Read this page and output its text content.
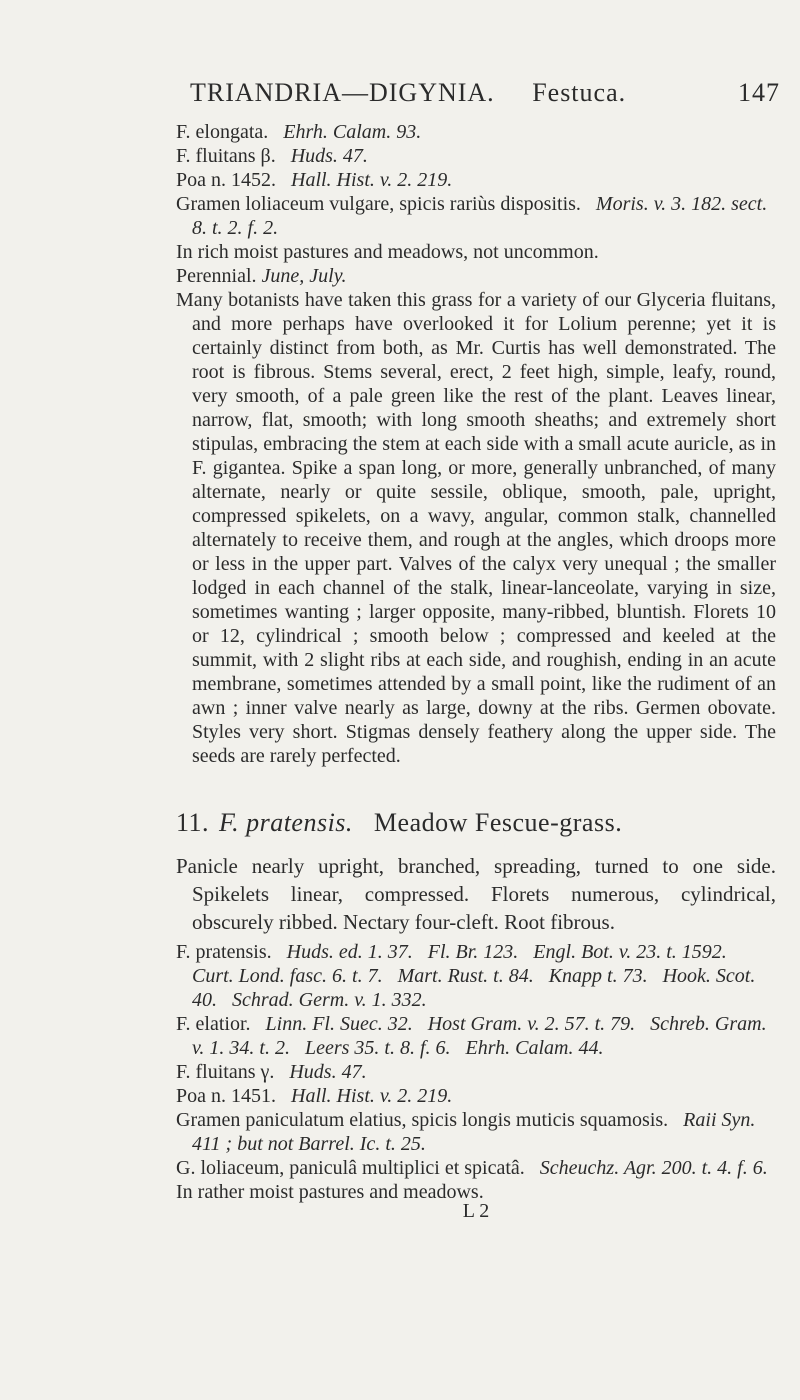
TRIANDRIA—DIGYNIA. Festuca.	147

F. elongata. Ehrh. Calam. 93.

F. fluitans β. Huds. 47.

Poa n. 1452. Hall. Hist. v. 2. 219.

Gramen loliaceum vulgare, spicis rariùs dispositis. Moris. v. 3. 182. sect. 8. t. 2. f. 2.

In rich moist pastures and meadows, not uncommon.

Perennial. June, July.

Many botanists have taken this grass for a variety of our Glyceria fluitans, and more perhaps have overlooked it for Lolium perenne; yet it is certainly distinct from both, as Mr. Curtis has well demonstrated. The root is fibrous. Stems several, erect, 2 feet high, simple, leafy, round, very smooth, of a pale green like the rest of the plant. Leaves linear, narrow, flat, smooth; with long smooth sheaths; and extremely short stipulas, embracing the stem at each side with a small acute auricle, as in F. gigantea. Spike a span long, or more, generally unbranched, of many alternate, nearly or quite sessile, oblique, smooth, pale, upright, compressed spikelets, on a wavy, angular, common stalk, channelled alternately to receive them, and rough at the angles, which droops more or less in the upper part. Valves of the calyx very unequal ; the smaller lodged in each channel of the stalk, linear-lanceolate, varying in size, sometimes wanting ; larger opposite, many-ribbed, bluntish. Florets 10 or 12, cylindrical ; smooth below ; compressed and keeled at the summit, with 2 slight ribs at each side, and roughish, ending in an acute membrane, sometimes attended by a small point, like the rudiment of an awn ; inner valve nearly as large, downy at the ribs. Germen obovate. Styles very short. Stigmas densely feathery along the upper side. The seeds are rarely perfected.

11. F. pratensis. Meadow Fescue-grass.

Panicle nearly upright, branched, spreading, turned to one side. Spikelets linear, compressed. Florets numerous, cylindrical, obscurely ribbed. Nectary four-cleft. Root fibrous.

F. pratensis. Huds. ed. 1. 37. Fl. Br. 123. Engl. Bot. v. 23. t. 1592.   Curt. Lond. fasc. 6. t. 7. Mart. Rust. t. 84. Knapp t. 73. Hook. Scot. 40. Schrad. Germ. v. 1. 332.

F. elatior. Linn. Fl. Suec. 32. Host Gram. v. 2. 57. t. 79. Schreb. Gram. v. 1. 34. t. 2. Leers 35. t. 8. f. 6. Ehrh. Calam. 44.

F. fluitans γ. Huds. 47.

Poa n. 1451. Hall. Hist. v. 2. 219.

Gramen paniculatum elatius, spicis longis muticis squamosis. Raii Syn. 411 ; but not Barrel. Ic. t. 25.

G. loliaceum, paniculâ multiplici et spicatâ. Scheuchz. Agr. 200. t. 4. f. 6.

In rather moist pastures and meadows.

L 2
